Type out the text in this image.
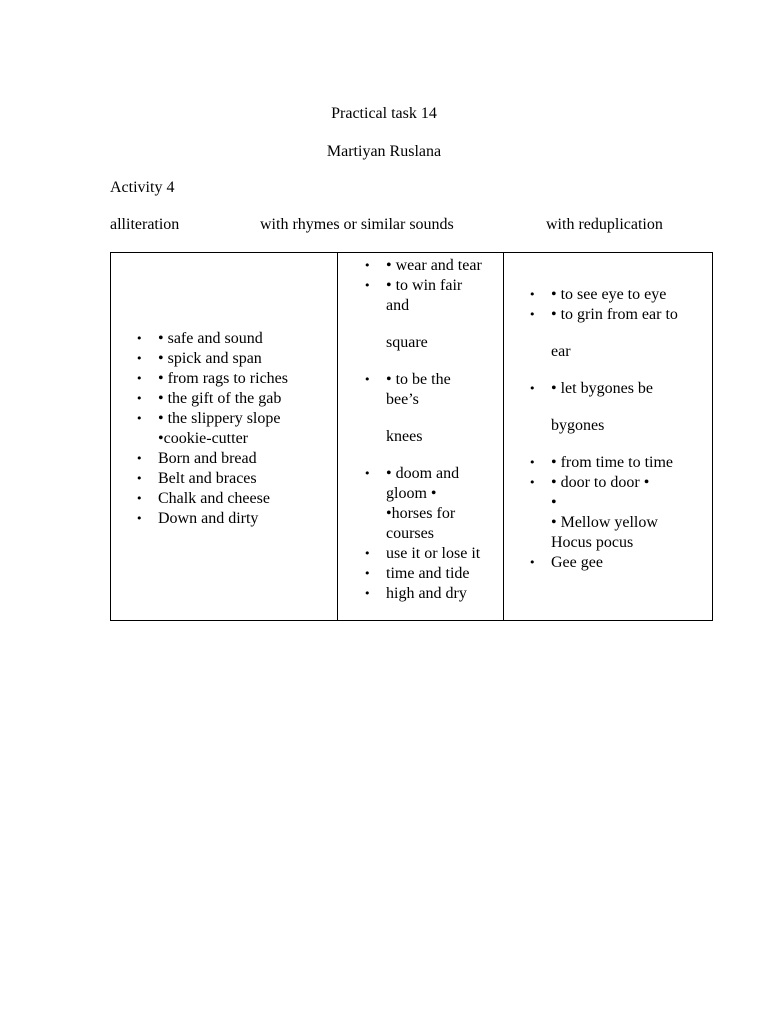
Practical task 14
Martiyan Ruslana
Activity 4
alliteration	with rhymes or similar sounds	with reduplication
• • safe and sound
• • spick and span
• • from rags to riches
• • the gift of the gab
• • the slippery slope
•cookie-cutter
• Born and bread
• Belt and braces
• Chalk and cheese
• Down and dirty
• • wear and tear
• • to win fair
and
square
• • to be the
bee’s
knees
• • doom and
gloom •
•horses for
courses
• use it or lose it
• time and tide
• high and dry
• • to see eye to eye
• • to grin from ear to
ear
• • let bygones be
bygones
• • from time to time
• • door to door •
•
• Mellow yellow
Hocus pocus
• Gee gee
